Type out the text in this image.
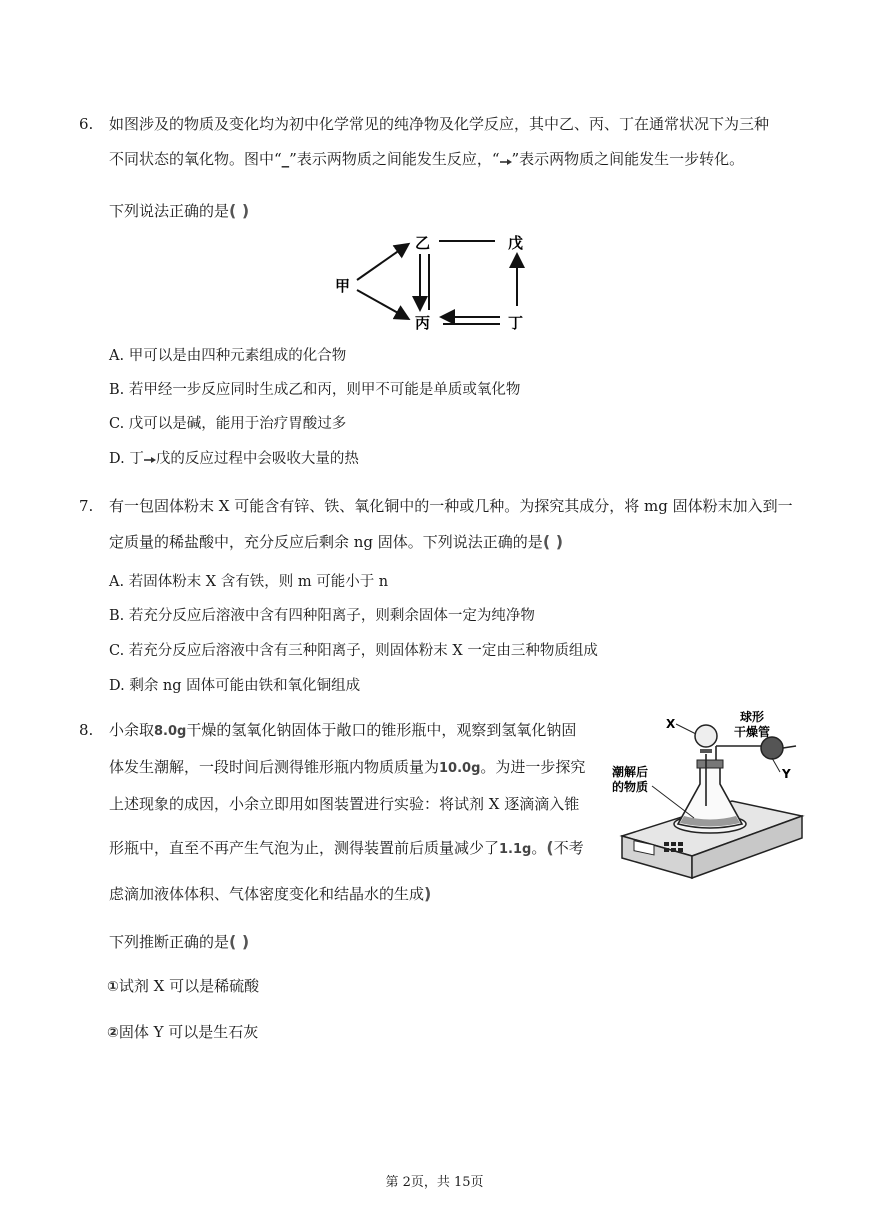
6. 如图涉及的物质及变化均为初中化学常见的纯净物及化学反应，其中乙、丙、丁在通常状况下为三种
不同状态的氧化物。图中“_”表示两物质之间能发生反应，“ ”表示两物质之间能发生一步转化。
下列说法正确的是( )
甲
乙	戊
丙	丁
A. 甲可以是由四种元素组成的化合物
B. 若甲经一步反应同时生成乙和丙，则甲不可能是单质或氧化物
C. 戊可以是碱，能用于治疗胃酸过多
D. 丁 戊的反应过程中会吸收大量的热
7. 有一包固体粉末 X 可能含有锌、铁、氧化铜中的一种或几种。为探究其成分，将 mg 固体粉末加入到一
定质量的稀盐酸中，充分反应后剩余 ng 固体。下列说法正确的是( )
A. 若固体粉末 X 含有铁，则 m 可能小于 n
B. 若充分反应后溶液中含有四种阳离子，则剩余固体一定为纯净物
C. 若充分反应后溶液中含有三种阳离子，则固体粉末 X 一定由三种物质组成
D. 剩余 ng 固体可能由铁和氧化铜组成
8. 小余取8.0g干燥的氢氧化钠固体于敞口的锥形瓶中，观察到氢氧化钠固
体发生潮解，一段时间后测得锥形瓶内物质质量为10.0g。为进一步探究
上述现象的成因，小余立即用如图装置进行实验：将试剂 X 逐滴滴入锥
形瓶中，直至不再产生气泡为止，测得装置前后质量减少了1.1g。(不考
虑滴加液体体积、气体密度变化和结晶水的生成)
下列推断正确的是( )
①试剂 X 可以是稀硫酸
②固体 Y 可以是生石灰
X	球形
干燥管
Y
潮解后
的物质
第 2页，共 15页
